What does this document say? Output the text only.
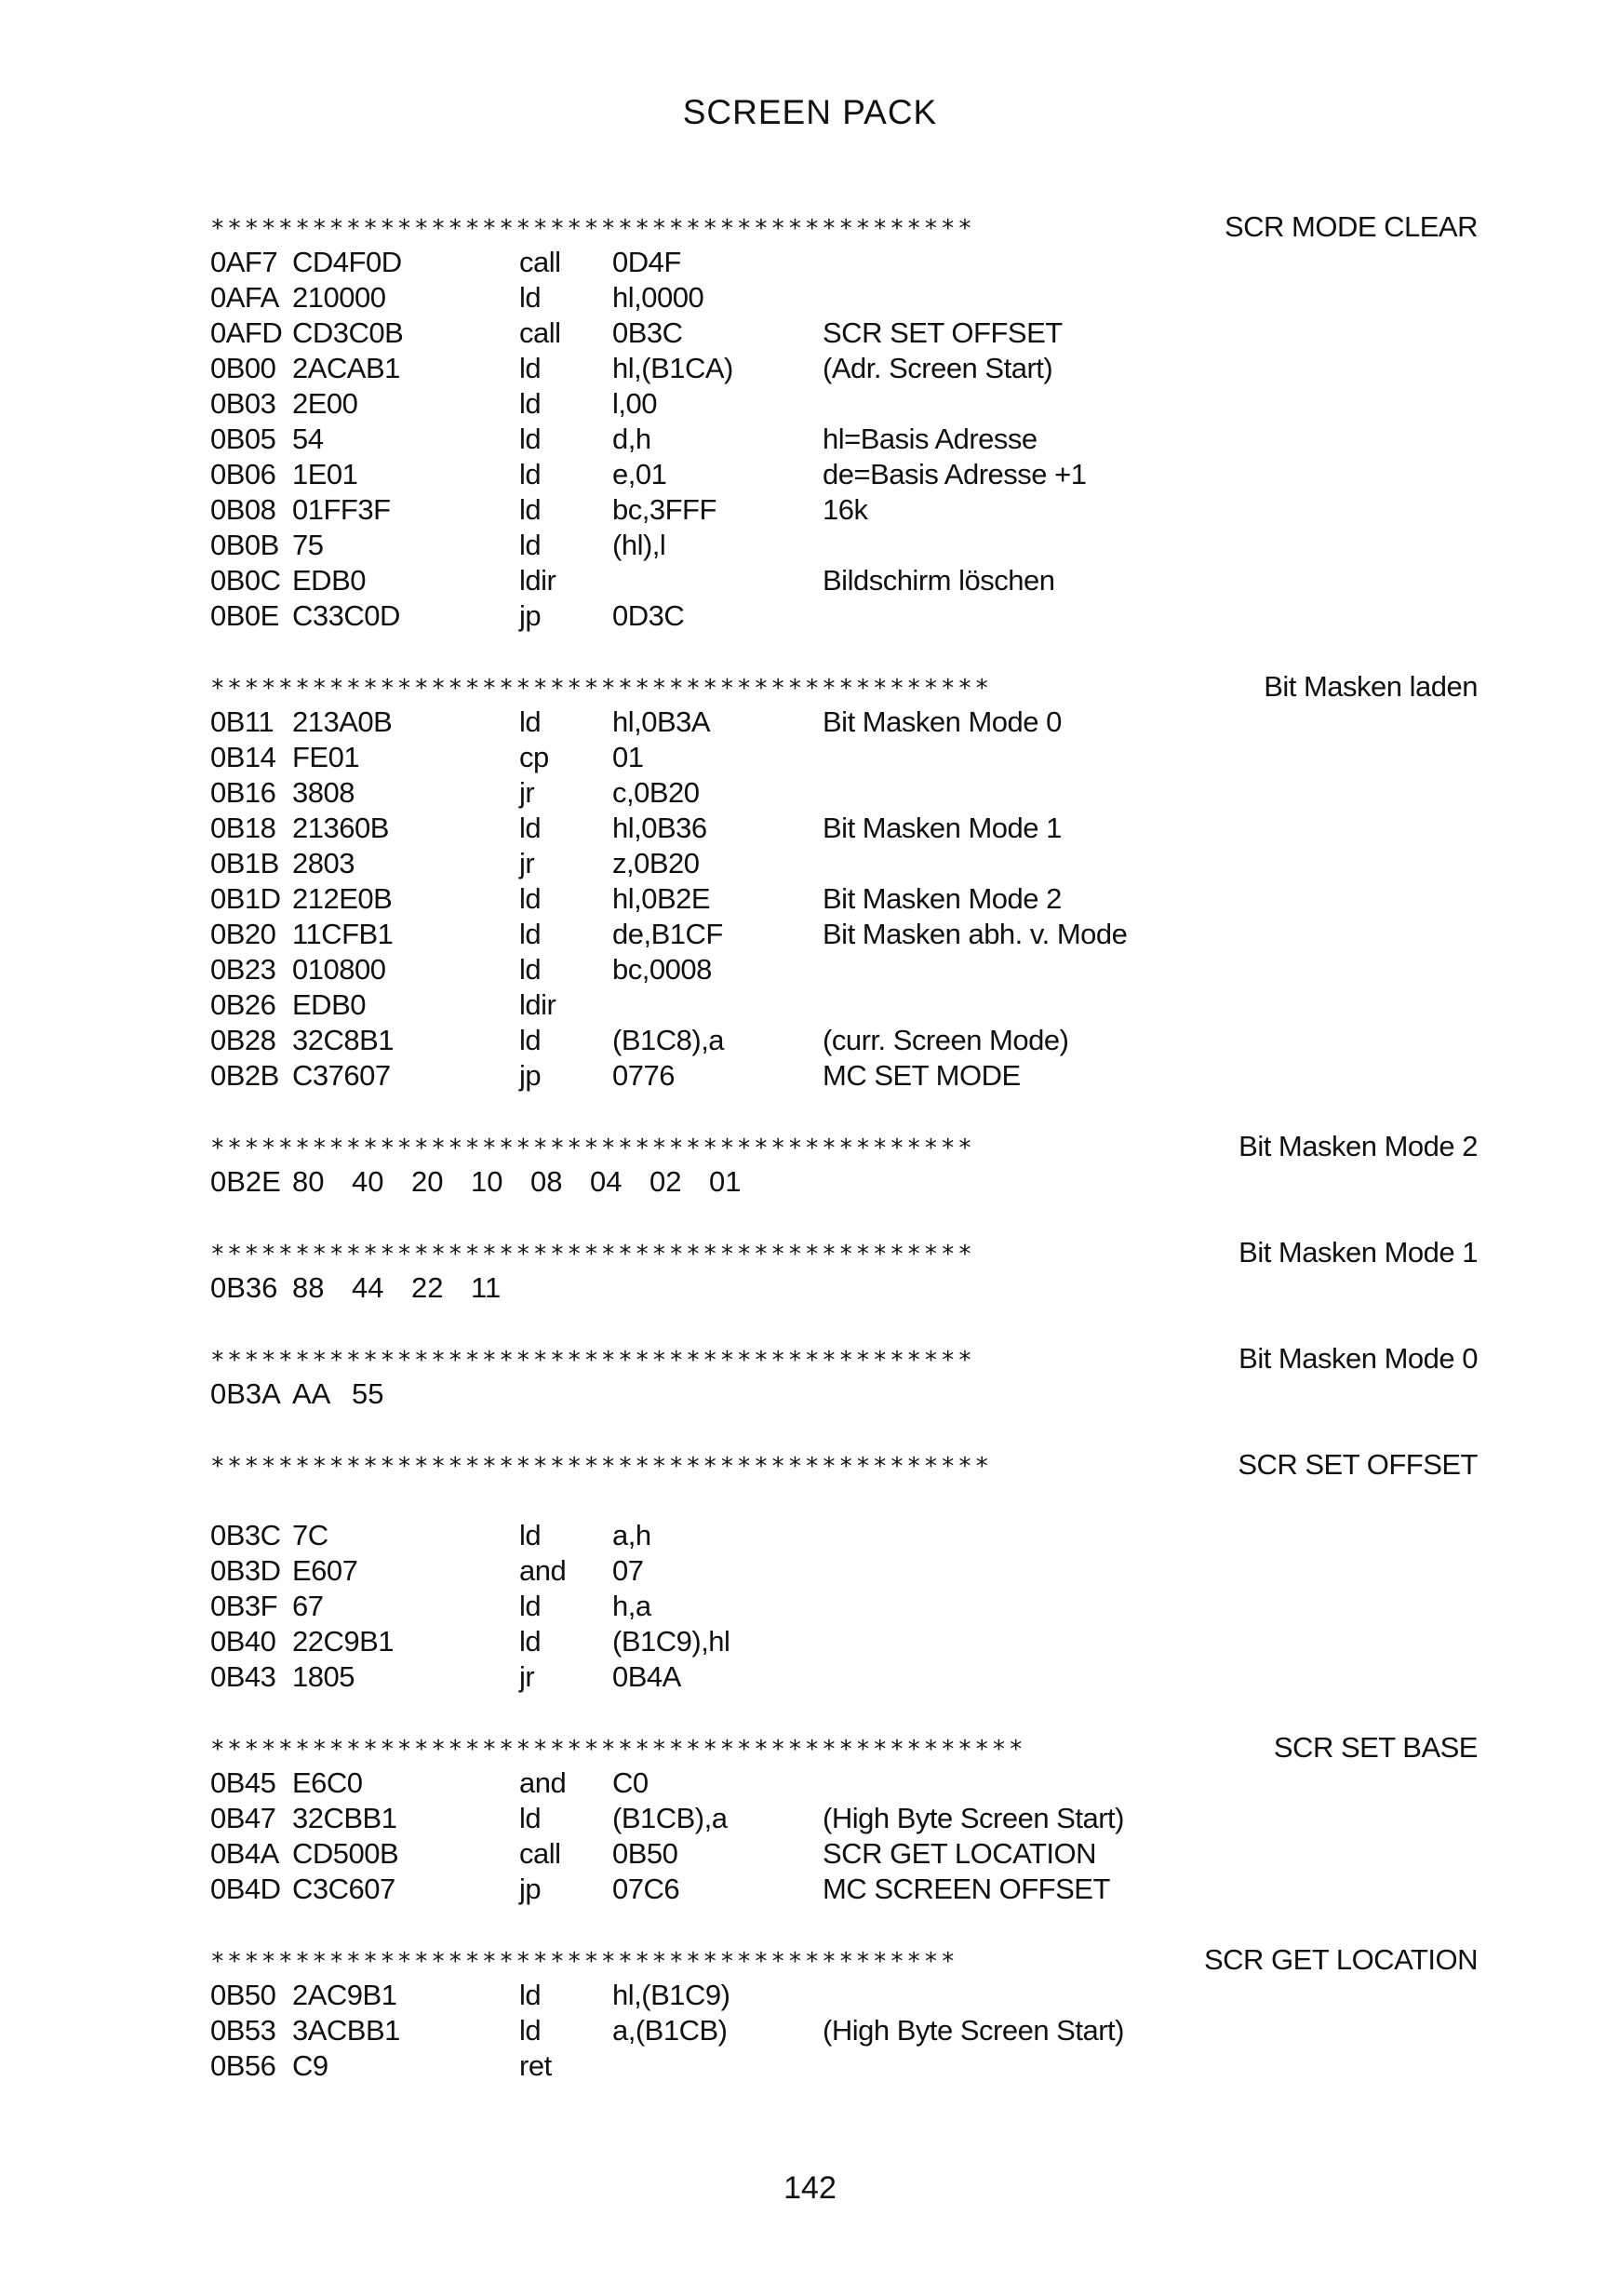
SCREEN PACK
*********************************************	SCR MODE CLEAR
0AF7 CD4F0D	call 0D4F
0AFA 210000	ld hl,0000
0AFD CD3C0B	call 0B3C	SCR SET OFFSET
0B00 2ACAB1	ld hl,(B1CA)	(Adr. Screen Start)
0B03 2E00	ld l,00
0B05 54	ld d,h	hl=Basis Adresse
0B06 1E01	ld e,01	de=Basis Adresse +1
0B08 01FF3F	ld bc,3FFF	16k
0B0B 75	ld (hl),l
0B0C EDB0	ldir	Bildschirm löschen
0B0E C33C0D	jp 0D3C
**********************************************	Bit Masken laden
0B11 213A0B	ld hl,0B3A	Bit Masken Mode 0
0B14 FE01	cp 01
0B16 3808	jr	c,0B20
0B18 21360B	ld hl,0B36	Bit Masken Mode 1
0B1B 2803	jr	z,0B20
0B1D 212E0B	ld hl,0B2E	Bit Masken Mode 2
0B20 11CFB1	ld de,B1CF	Bit Masken abh. v. Mode
0B23 010800	ld bc,0008
0B26 EDB0	ldir
0B28 32C8B1	ld (B1C8),a	(curr. Screen Mode)
0B2B C37607	jp 0776	MC SET MODE
*********************************************	Bit Masken Mode 2
0B2E 80 40 20 10 08 04 02 01
*********************************************	Bit Masken Mode 1
0B36 88 44 22 11
*********************************************	Bit Masken Mode 0
0B3A AA 55
**********************************************	SCR SET OFFSET
0B3C 7C	ld a,h
0B3D E607	and 07
0B3F 67	ld h,a
0B40 22C9B1	ld (B1C9),hl
0B43 1805	jr	0B4A
************************************************	SCR SET BASE
0B45 E6C0	and C0
0B47 32CBB1	ld (B1CB),a	(High Byte Screen Start)
0B4A CD500B	call 0B50	SCR GET LOCATION
0B4D C3C607	jp 07C6	MC SCREEN OFFSET
********************************************	SCR GET LOCATION
0B50 2AC9B1	ld hl,(B1C9)
0B53 3ACBB1	ld a,(B1CB)	(High Byte Screen Start)
0B56 C9	ret
142
